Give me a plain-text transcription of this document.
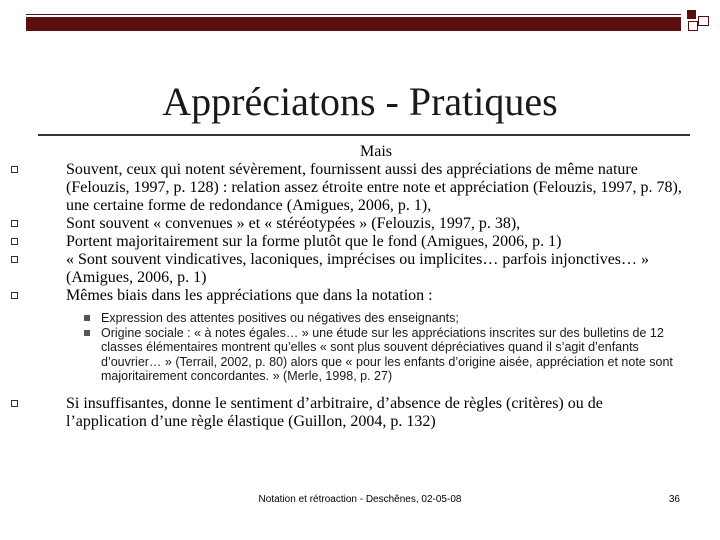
Appréciatons - Pratiques
Mais
Souvent, ceux qui notent sévèrement, fournissent aussi des appréciations de même nature (Felouzis, 1997, p. 128) : relation assez étroite entre note et appréciation (Felouzis, 1997, p. 78), une certaine forme de redondance (Amigues, 2006, p. 1),
Sont souvent « convenues » et « stéréotypées » (Felouzis, 1997, p. 38),
Portent majoritairement sur la forme plutôt que le fond (Amigues, 2006, p. 1)
« Sont souvent vindicatives, laconiques, imprécises ou implicites… parfois injonctives… » (Amigues, 2006, p. 1)
Mêmes biais dans les appréciations que dans la notation :
Expression des attentes positives ou négatives des enseignants;
Origine sociale : « à notes égales… » une étude sur les appréciations inscrites sur des bulletins de 12 classes élémentaires montrent qu’elles « sont plus souvent dépréciatives quand il s’agit d’enfants d’ouvrier… » (Terrail, 2002, p. 80) alors que « pour les enfants d’origine aisée, appréciation et note sont majoritairement concordantes. » (Merle, 1998, p. 27)
Si insuffisantes, donne le sentiment d’arbitraire, d’absence de règles (critères) ou de l’application d’une règle élastique (Guillon, 2004, p. 132)
Notation et rétroaction - Deschênes, 02-05-08	36
